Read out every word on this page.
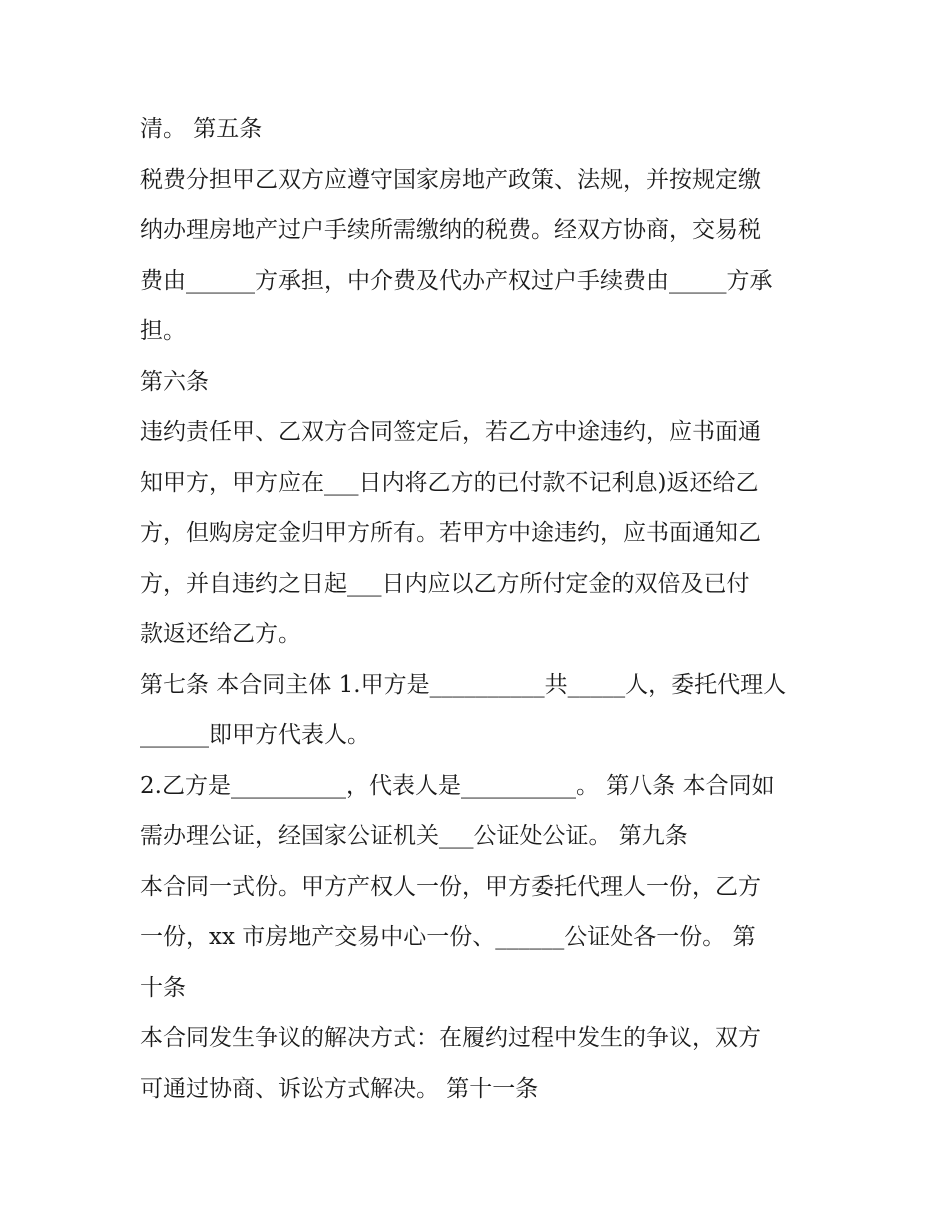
清。 第五条
税费分担甲乙双方应遵守国家房地产政策、法规，并按规定缴
纳办理房地产过户手续所需缴纳的税费。经双方协商，交易税
费由______方承担，中介费及代办产权过户手续费由_____方承
担。
第六条
违约责任甲、乙双方合同签定后，若乙方中途违约，应书面通
知甲方，甲方应在___日内将乙方的已付款不记利息)返还给乙
方，但购房定金归甲方所有。若甲方中途违约，应书面通知乙
方，并自违约之日起___日内应以乙方所付定金的双倍及已付
款返还给乙方。
第七条 本合同主体 1.甲方是__________共_____人，委托代理人
______即甲方代表人。
2.乙方是__________，代表人是__________。 第八条 本合同如
需办理公证，经国家公证机关___公证处公证。 第九条
本合同一式份。甲方产权人一份，甲方委托代理人一份，乙方
一份，xx 市房地产交易中心一份、______公证处各一份。 第
十条
本合同发生争议的解决方式：在履约过程中发生的争议，双方
可通过协商、诉讼方式解决。 第十一条
